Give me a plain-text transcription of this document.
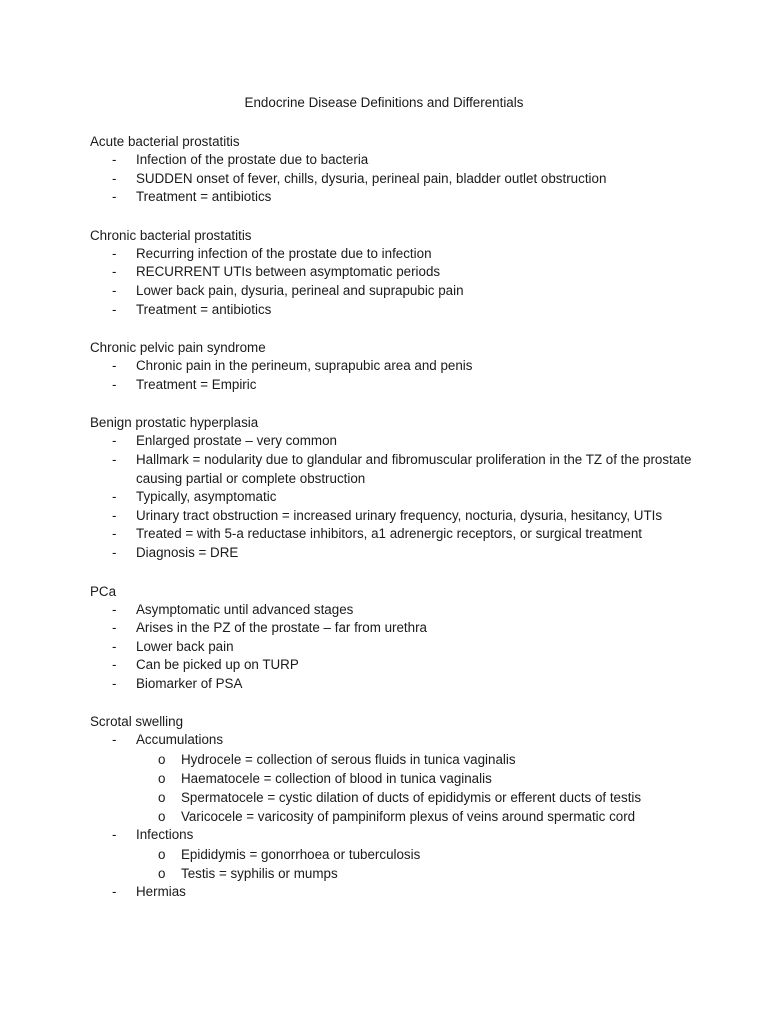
Endocrine Disease Definitions and Differentials
Acute bacterial prostatitis
- Infection of the prostate due to bacteria
- SUDDEN onset of fever, chills, dysuria, perineal pain, bladder outlet obstruction
- Treatment = antibiotics
Chronic bacterial prostatitis
- Recurring infection of the prostate due to infection
- RECURRENT UTIs between asymptomatic periods
- Lower back pain, dysuria, perineal and suprapubic pain
- Treatment = antibiotics
Chronic pelvic pain syndrome
- Chronic pain in the perineum, suprapubic area and penis
- Treatment = Empiric
Benign prostatic hyperplasia
- Enlarged prostate – very common
- Hallmark = nodularity due to glandular and fibromuscular proliferation in the TZ of the prostate causing partial or complete obstruction
- Typically, asymptomatic
- Urinary tract obstruction = increased urinary frequency, nocturia, dysuria, hesitancy, UTIs
- Treated = with 5-a reductase inhibitors, a1 adrenergic receptors, or surgical treatment
- Diagnosis = DRE
PCa
- Asymptomatic until advanced stages
- Arises in the PZ of the prostate – far from urethra
- Lower back pain
- Can be picked up on TURP
- Biomarker of PSA
Scrotal swelling
- Accumulations
o Hydrocele = collection of serous fluids in tunica vaginalis
o Haematocele = collection of blood in tunica vaginalis
o Spermatocele = cystic dilation of ducts of epididymis or efferent ducts of testis
o Varicocele = varicosity of pampiniform plexus of veins around spermatic cord
- Infections
o Epididymis = gonorrhoea or tuberculosis
o Testis = syphilis or mumps
- Hermias
